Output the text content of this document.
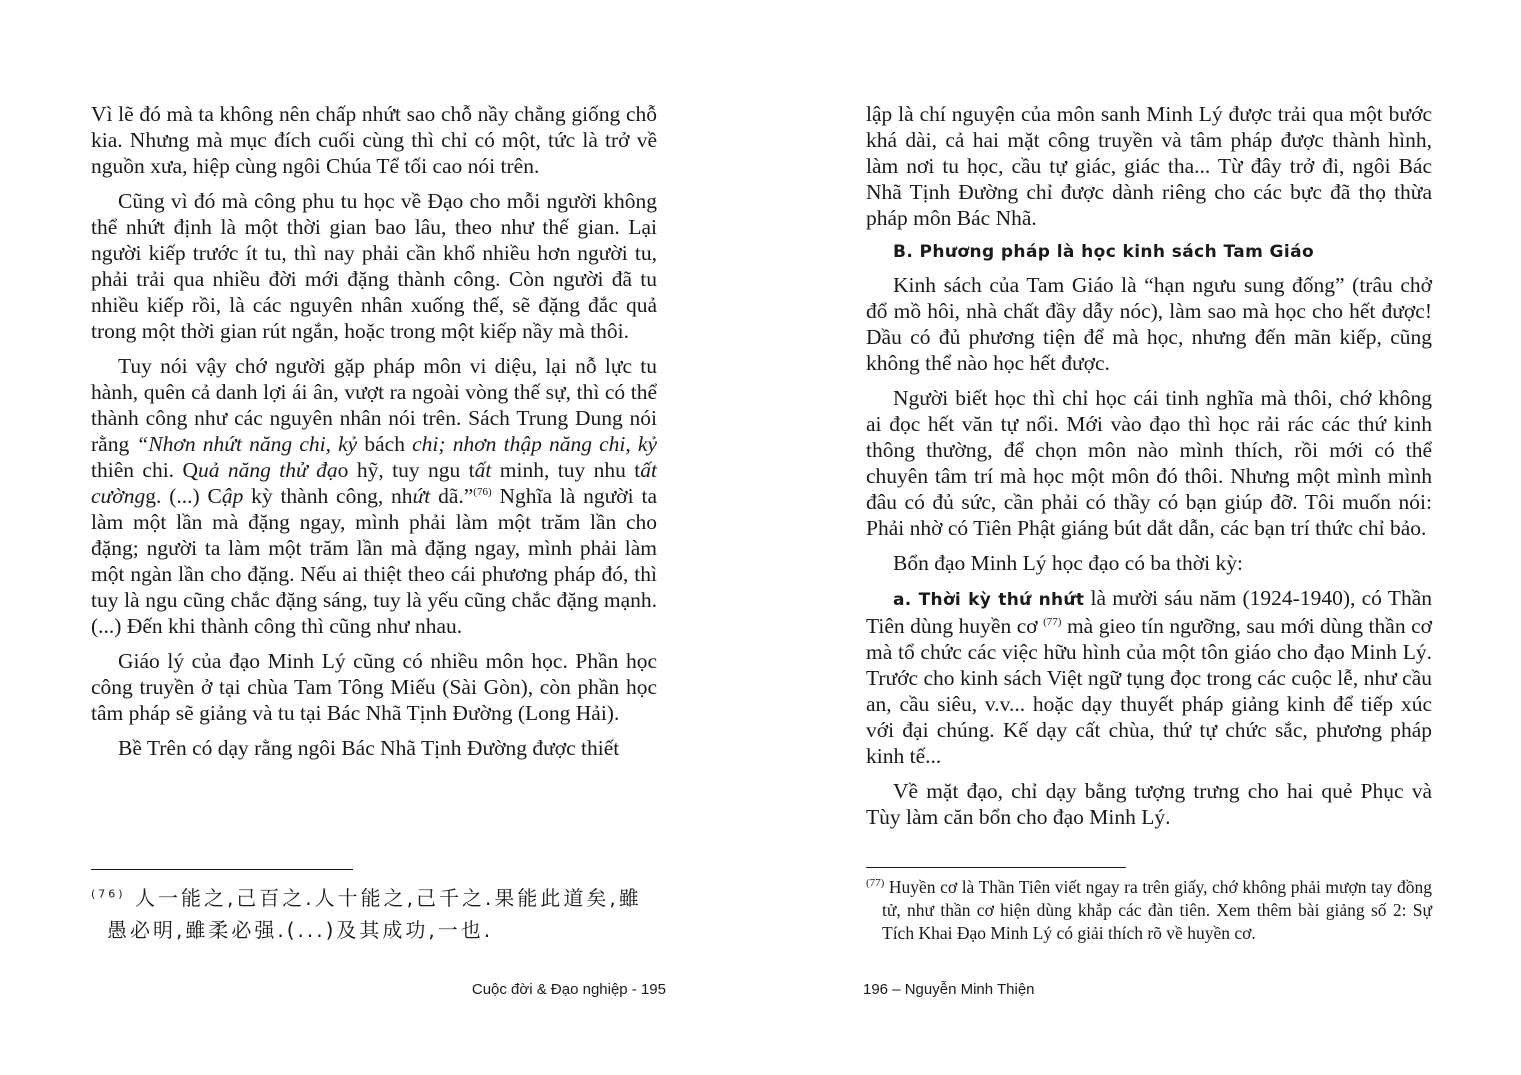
Vì lẽ đó mà ta không nên chấp nhứt sao chỗ nầy chẳng giống chỗ kia. Nhưng mà mục đích cuối cùng thì chỉ có một, tức là trở về nguồn xưa, hiệp cùng ngôi Chúa Tể tối cao nói trên.

Cũng vì đó mà công phu tu học về Đạo cho mỗi người không thể nhứt định là một thời gian bao lâu, theo như thế gian. Lại người kiếp trước ít tu, thì nay phải cần khổ nhiều hơn người tu, phải trải qua nhiều đời mới đặng thành công. Còn người đã tu nhiều kiếp rồi, là các nguyên nhân xuống thế, sẽ đặng đắc quả trong một thời gian rút ngắn, hoặc trong một kiếp nầy mà thôi.

Tuy nói vậy chớ người gặp pháp môn vi diệu, lại nỗ lực tu hành, quên cả danh lợi ái ân, vượt ra ngoài vòng thế sự, thì có thể thành công như các nguyên nhân nói trên. Sách Trung Dung nói rằng “Nhơn nhứt năng chi, kỷ bách chi; nhơn thập năng chi, kỷ thiên chi. Quả năng thử đạo hỹ, tuy ngu tất minh, tuy nhu tất cườngg. (...) Cập kỳ thành công, nhứt dã.”$^{(76)}$ Nghĩa là người ta làm một lần mà đặng ngay, mình phải làm một trăm lần cho đặng; người ta làm một trăm lần mà đặng ngay, mình phải làm một ngàn lần cho đặng. Nếu ai thiệt theo cái phương pháp đó, thì tuy là ngu cũng chắc đặng sáng, tuy là yếu cũng chắc đặng mạnh. (...) Đến khi thành công thì cũng như nhau.

Giáo lý của đạo Minh Lý cũng có nhiều môn học. Phần học công truyền ở tại chùa Tam Tông Miếu (Sài Gòn), còn phần học tâm pháp sẽ giảng và tu tại Bác Nhã Tịnh Đường (Long Hải).

Bề Trên có dạy rằng ngôi Bác Nhã Tịnh Đường được thiết

$^{(76)}$ 人一能之,己百之.人十能之,己千之.果能此道矣,雖愚必明,雖柔必强.(...)及其成功,一也.
Cuộc đời & Đạo nghiệp - 195

lập là chí nguyện của môn sanh Minh Lý được trải qua một bước khá dài, cả hai mặt công truyền và tâm pháp được thành hình, làm nơi tu học, cầu tự giác, giác tha... Từ đây trở đi, ngôi Bác Nhã Tịnh Đường chỉ được dành riêng cho các bực đã thọ thừa pháp môn Bác Nhã.

B. Phương pháp là học kinh sách Tam Giáo

Kinh sách của Tam Giáo là “hạn ngưu sung đống” (trâu chở đổ mồ hôi, nhà chất đầy dẫy nóc), làm sao mà học cho hết được! Dầu có đủ phương tiện để mà học, nhưng đến mãn kiếp, cũng không thể nào học hết được.

Người biết học thì chỉ học cái tinh nghĩa mà thôi, chớ không ai đọc hết văn tự nổi. Mới vào đạo thì học rải rác các thứ kinh thông thường, để chọn môn nào mình thích, rồi mới có thể chuyên tâm trí mà học một môn đó thôi. Nhưng một mình mình đâu có đủ sức, cần phải có thầy có bạn giúp đỡ. Tôi muốn nói: Phải nhờ có Tiên Phật giáng bút dắt dẫn, các bạn trí thức chỉ bảo.

Bổn đạo Minh Lý học đạo có ba thời kỳ:

a. Thời kỳ thứ nhứt là mười sáu năm (1924-1940), có Thần Tiên dùng huyền cơ $^{(77)}$ mà gieo tín ngưỡng, sau mới dùng thần cơ mà tổ chức các việc hữu hình của một tôn giáo cho đạo Minh Lý. Trước cho kinh sách Việt ngữ tụng đọc trong các cuộc lễ, như cầu an, cầu siêu, v.v... hoặc dạy thuyết pháp giảng kinh để tiếp xúc với đại chúng. Kế dạy cất chùa, thứ tự chức sắc, phương pháp kinh tế...

Về mặt đạo, chỉ dạy bằng tượng trưng cho hai quẻ Phục và Tùy làm căn bổn cho đạo Minh Lý.

$^{(77)}$ Huyền cơ là Thần Tiên viết ngay ra trên giấy, chớ không phải mượn tay đồng tử, như thần cơ hiện dùng khắp các đàn tiên. Xem thêm bài giảng số 2: Sự Tích Khai Đạo Minh Lý có giải thích rõ về huyền cơ.
196 – Nguyễn Minh Thiện
